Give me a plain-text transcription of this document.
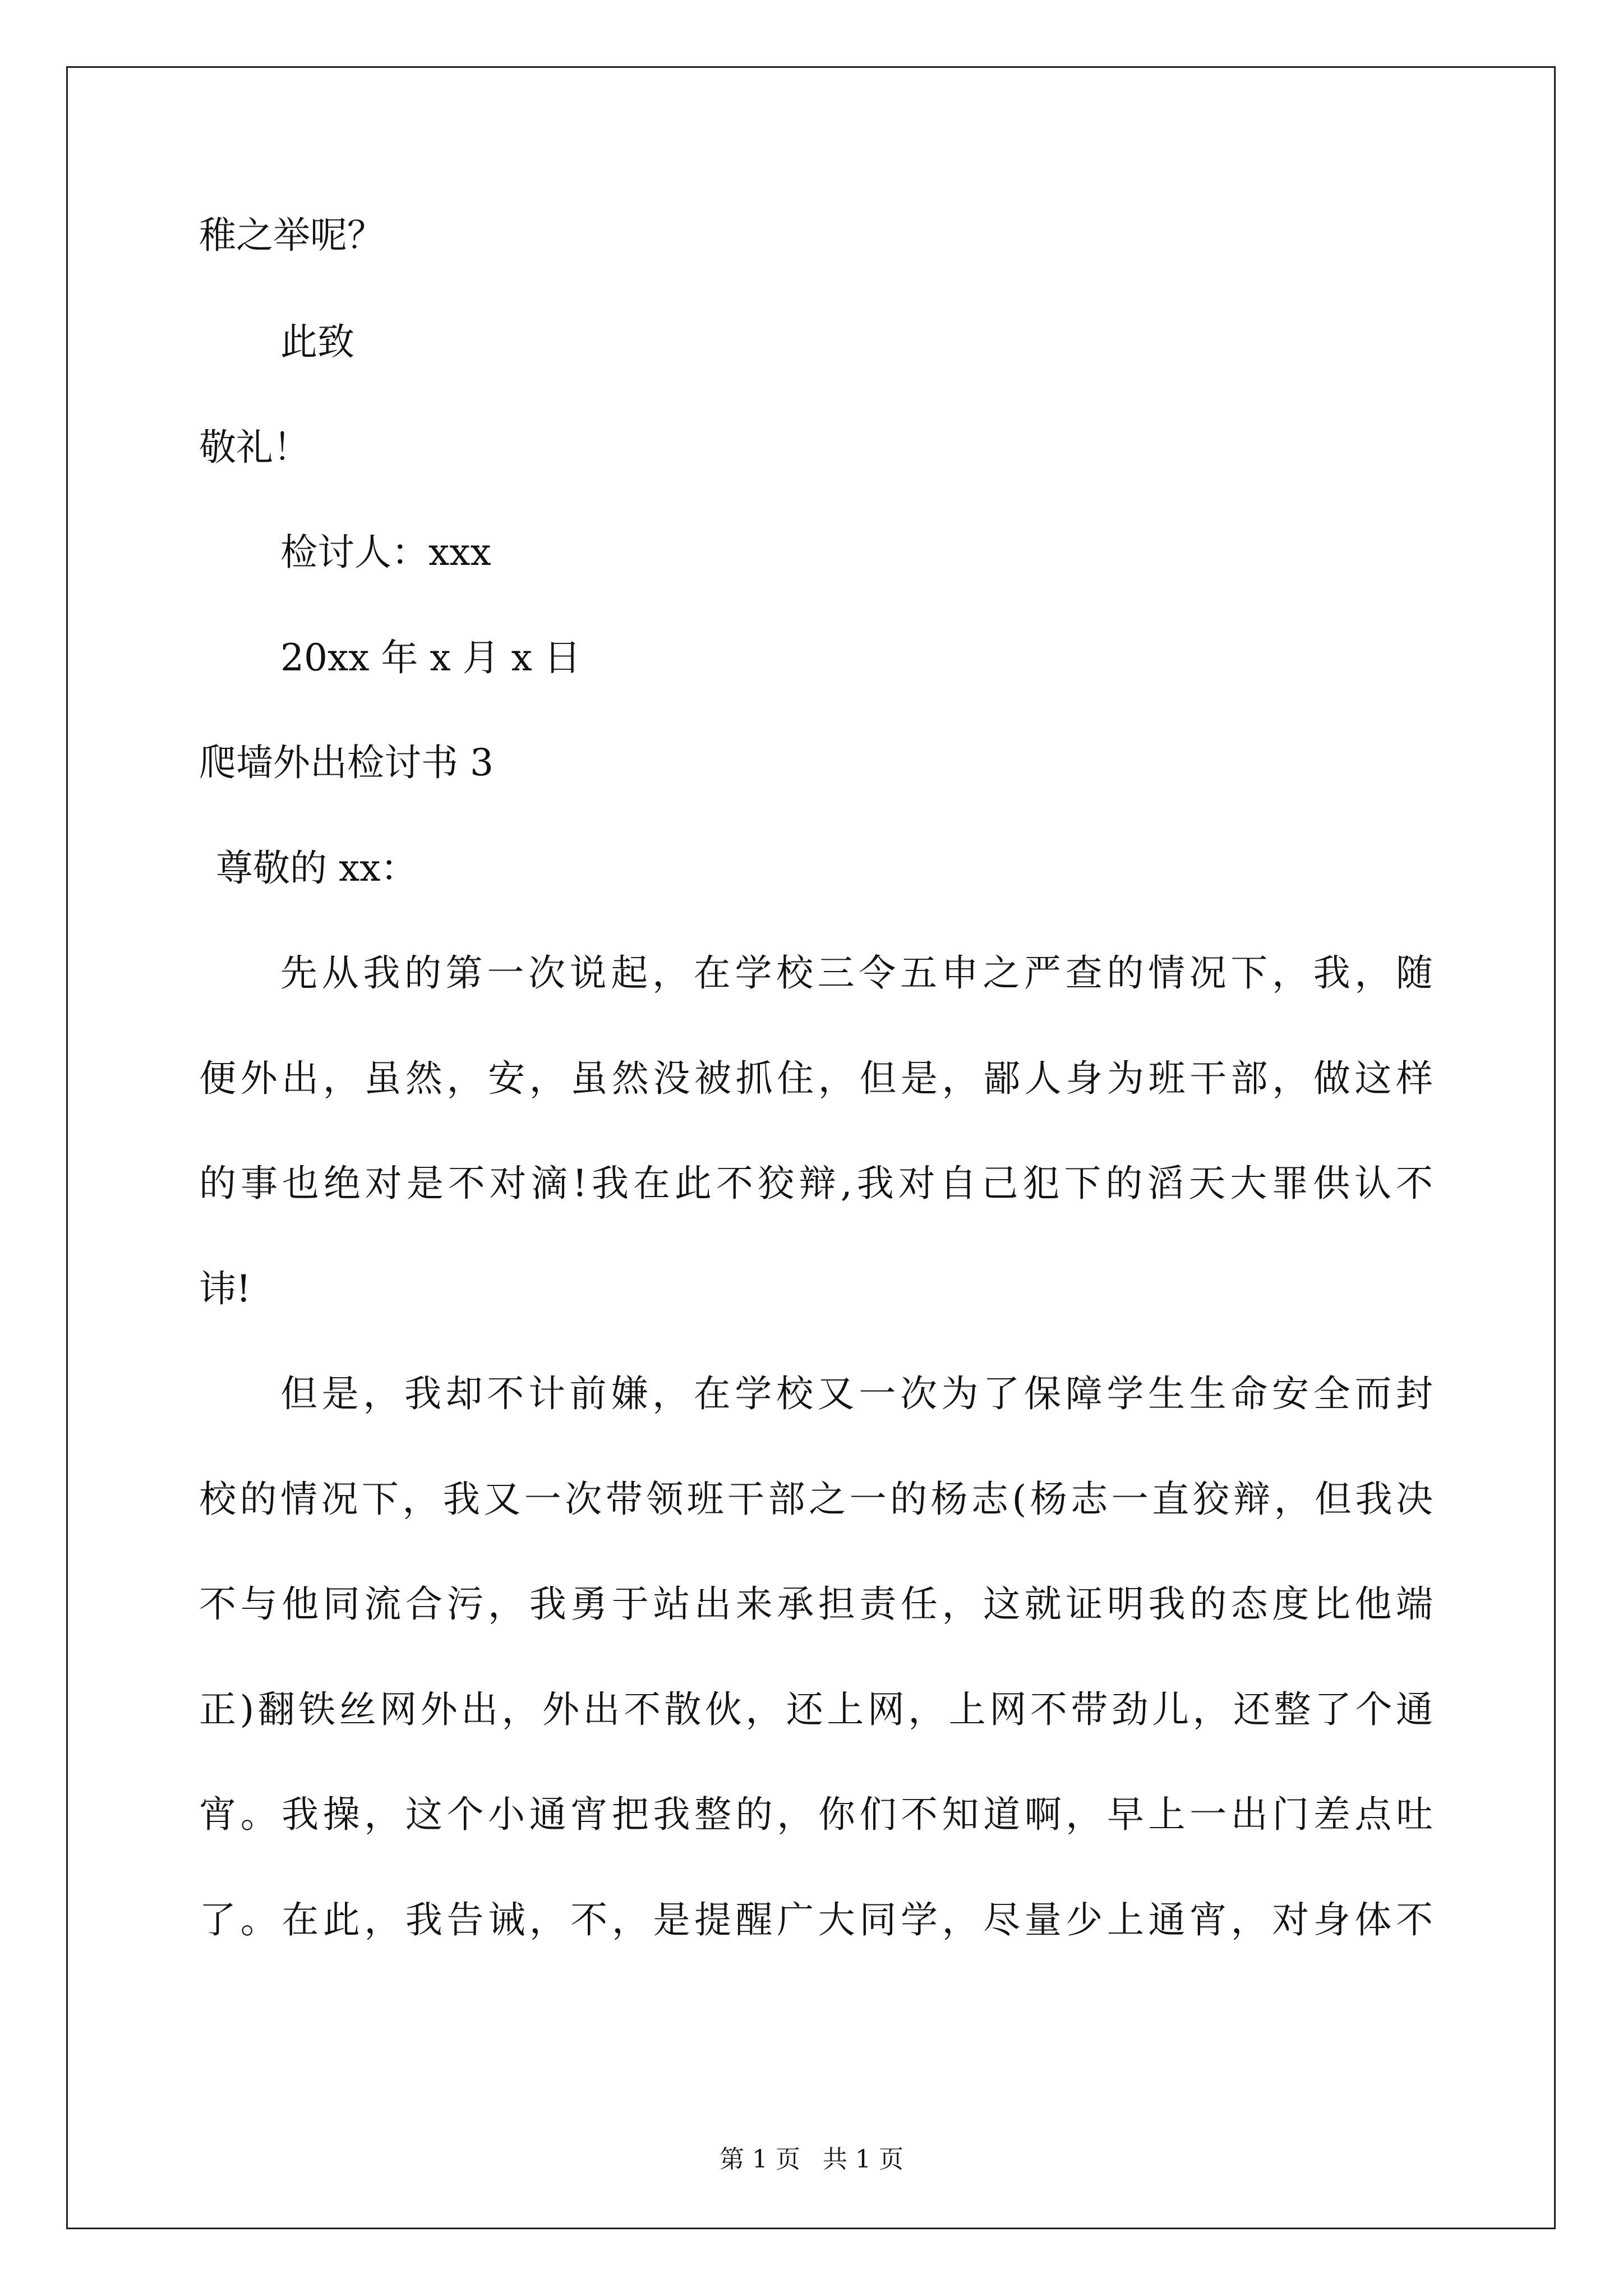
稚之举呢？
此致
敬礼！
检讨人：xxx
20xx 年 x 月 x 日
爬墙外出检讨书 3
尊敬的 xx：
先从我的第一次说起，在学校三令五申之严查的情况下，我，随
便外出，虽然，安，虽然没被抓住，但是，鄙人身为班干部，做这样
的事也绝对是不对滴!我在此不狡辩,我对自己犯下的滔天大罪供认不
讳!
但是，我却不计前嫌，在学校又一次为了保障学生生命安全而封
校的情况下，我又一次带领班干部之一的杨志(杨志一直狡辩，但我决
不与他同流合污，我勇于站出来承担责任，这就证明我的态度比他端
正)翻铁丝网外出，外出不散伙，还上网，上网不带劲儿，还整了个通
宵。我操，这个小通宵把我整的，你们不知道啊，早上一出门差点吐
了。在此，我告诫，不，是提醒广大同学，尽量少上通宵，对身体不
第 1 页 共 1 页
